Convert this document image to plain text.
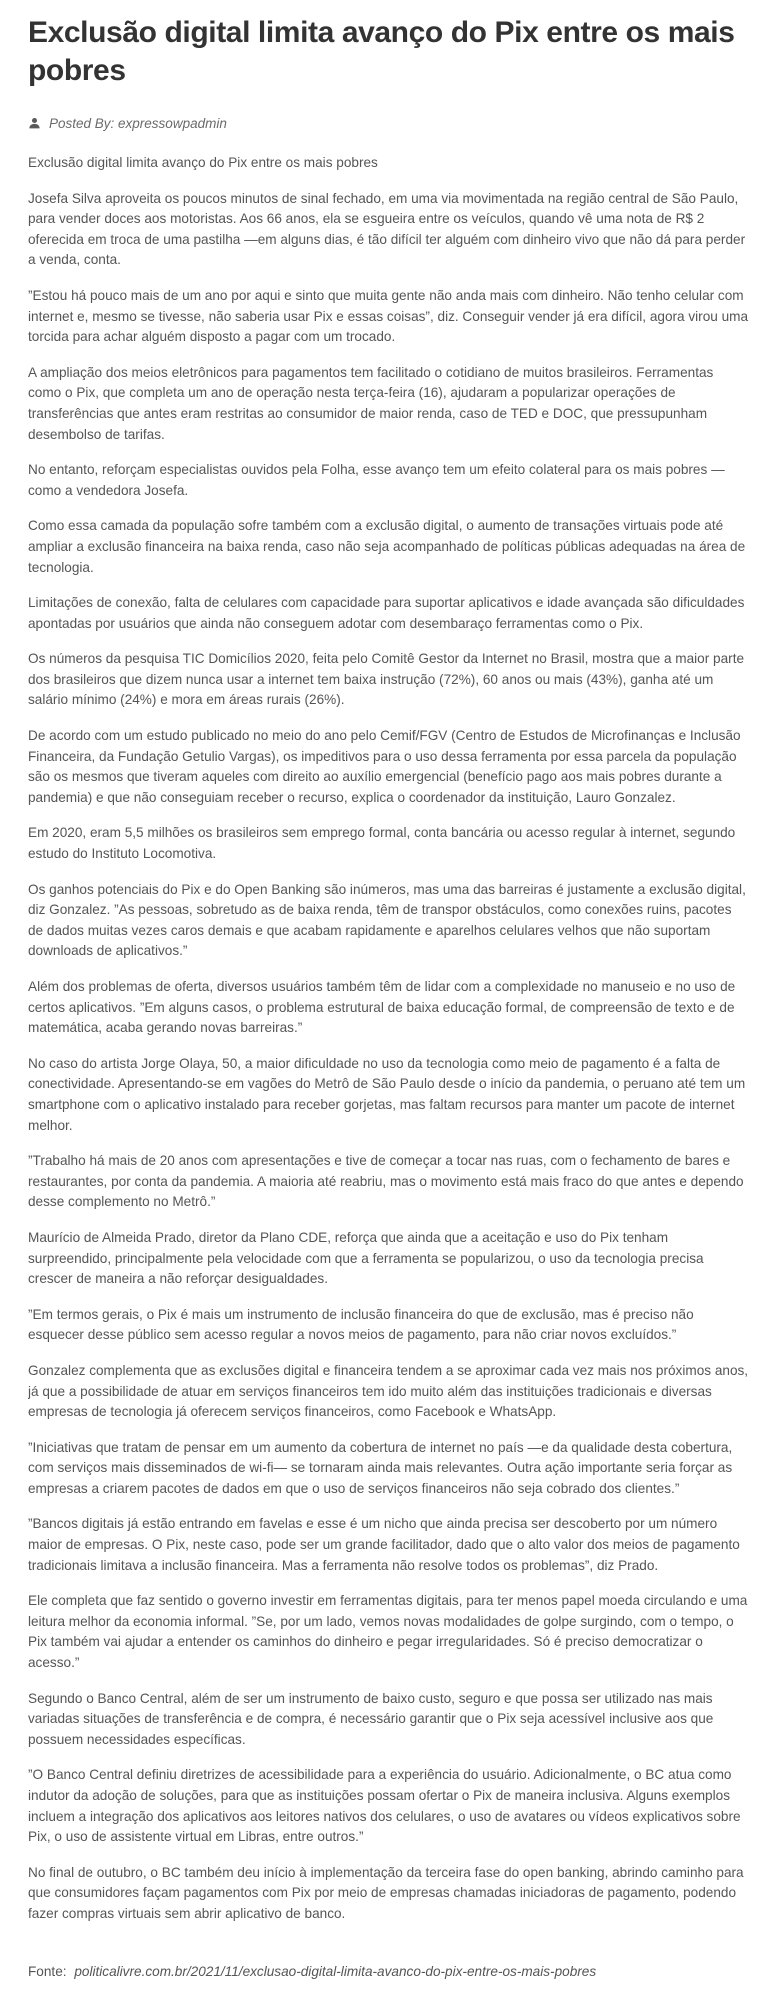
Exclusão digital limita avanço do Pix entre os mais pobres
Posted By: expressowpadmin

Exclusão digital limita avanço do Pix entre os mais pobres

Josefa Silva aproveita os poucos minutos de sinal fechado, em uma via movimentada na região central de São Paulo, para vender doces aos motoristas. Aos 66 anos, ela se esgueira entre os veículos, quando vê uma nota de R$ 2 oferecida em troca de uma pastilha —em alguns dias, é tão difícil ter alguém com dinheiro vivo que não dá para perder a venda, conta.

”Estou há pouco mais de um ano por aqui e sinto que muita gente não anda mais com dinheiro. Não tenho celular com internet e, mesmo se tivesse, não saberia usar Pix e essas coisas”, diz. Conseguir vender já era difícil, agora virou uma torcida para achar alguém disposto a pagar com um trocado.

A ampliação dos meios eletrônicos para pagamentos tem facilitado o cotidiano de muitos brasileiros. Ferramentas como o Pix, que completa um ano de operação nesta terça-feira (16), ajudaram a popularizar operações de transferências que antes eram restritas ao consumidor de maior renda, caso de TED e DOC, que pressupunham desembolso de tarifas.

No entanto, reforçam especialistas ouvidos pela Folha, esse avanço tem um efeito colateral para os mais pobres —como a vendedora Josefa.

Como essa camada da população sofre também com a exclusão digital, o aumento de transações virtuais pode até ampliar a exclusão financeira na baixa renda, caso não seja acompanhado de políticas públicas adequadas na área de tecnologia.

Limitações de conexão, falta de celulares com capacidade para suportar aplicativos e idade avançada são dificuldades apontadas por usuários que ainda não conseguem adotar com desembaraço ferramentas como o Pix.

Os números da pesquisa TIC Domicílios 2020, feita pelo Comitê Gestor da Internet no Brasil, mostra que a maior parte dos brasileiros que dizem nunca usar a internet tem baixa instrução (72%), 60 anos ou mais (43%), ganha até um salário mínimo (24%) e mora em áreas rurais (26%).

De acordo com um estudo publicado no meio do ano pelo Cemif/FGV (Centro de Estudos de Microfinanças e Inclusão Financeira, da Fundação Getulio Vargas), os impeditivos para o uso dessa ferramenta por essa parcela da população são os mesmos que tiveram aqueles com direito ao auxílio emergencial (benefício pago aos mais pobres durante a pandemia) e que não conseguiam receber o recurso, explica o coordenador da instituição, Lauro Gonzalez.

Em 2020, eram 5,5 milhões os brasileiros sem emprego formal, conta bancária ou acesso regular à internet, segundo estudo do Instituto Locomotiva.

Os ganhos potenciais do Pix e do Open Banking são inúmeros, mas uma das barreiras é justamente a exclusão digital, diz Gonzalez. ”As pessoas, sobretudo as de baixa renda, têm de transpor obstáculos, como conexões ruins, pacotes de dados muitas vezes caros demais e que acabam rapidamente e aparelhos celulares velhos que não suportam downloads de aplicativos.”

Além dos problemas de oferta, diversos usuários também têm de lidar com a complexidade no manuseio e no uso de certos aplicativos. ”Em alguns casos, o problema estrutural de baixa educação formal, de compreensão de texto e de matemática, acaba gerando novas barreiras.”

No caso do artista Jorge Olaya, 50, a maior dificuldade no uso da tecnologia como meio de pagamento é a falta de conectividade. Apresentando-se em vagões do Metrô de São Paulo desde o início da pandemia, o peruano até tem um smartphone com o aplicativo instalado para receber gorjetas, mas faltam recursos para manter um pacote de internet melhor.

”Trabalho há mais de 20 anos com apresentações e tive de começar a tocar nas ruas, com o fechamento de bares e restaurantes, por conta da pandemia. A maioria até reabriu, mas o movimento está mais fraco do que antes e dependo desse complemento no Metrô.”

Maurício de Almeida Prado, diretor da Plano CDE, reforça que ainda que a aceitação e uso do Pix tenham surpreendido, principalmente pela velocidade com que a ferramenta se popularizou, o uso da tecnologia precisa crescer de maneira a não reforçar desigualdades.

”Em termos gerais, o Pix é mais um instrumento de inclusão financeira do que de exclusão, mas é preciso não esquecer desse público sem acesso regular a novos meios de pagamento, para não criar novos excluídos.”

Gonzalez complementa que as exclusões digital e financeira tendem a se aproximar cada vez mais nos próximos anos, já que a possibilidade de atuar em serviços financeiros tem ido muito além das instituições tradicionais e diversas empresas de tecnologia já oferecem serviços financeiros, como Facebook e WhatsApp.

”Iniciativas que tratam de pensar em um aumento da cobertura de internet no país —e da qualidade desta cobertura, com serviços mais disseminados de wi-fi— se tornaram ainda mais relevantes. Outra ação importante seria forçar as empresas a criarem pacotes de dados em que o uso de serviços financeiros não seja cobrado dos clientes.”

”Bancos digitais já estão entrando em favelas e esse é um nicho que ainda precisa ser descoberto por um número maior de empresas. O Pix, neste caso, pode ser um grande facilitador, dado que o alto valor dos meios de pagamento tradicionais limitava a inclusão financeira. Mas a ferramenta não resolve todos os problemas”, diz Prado.

Ele completa que faz sentido o governo investir em ferramentas digitais, para ter menos papel moeda circulando e uma leitura melhor da economia informal. ”Se, por um lado, vemos novas modalidades de golpe surgindo, com o tempo, o Pix também vai ajudar a entender os caminhos do dinheiro e pegar irregularidades. Só é preciso democratizar o acesso.”

Segundo o Banco Central, além de ser um instrumento de baixo custo, seguro e que possa ser utilizado nas mais variadas situações de transferência e de compra, é necessário garantir que o Pix seja acessível inclusive aos que possuem necessidades específicas.

”O Banco Central definiu diretrizes de acessibilidade para a experiência do usuário. Adicionalmente, o BC atua como indutor da adoção de soluções, para que as instituições possam ofertar o Pix de maneira inclusiva. Alguns exemplos incluem a integração dos aplicativos aos leitores nativos dos celulares, o uso de avatares ou vídeos explicativos sobre Pix, o uso de assistente virtual em Libras, entre outros.”

No final de outubro, o BC também deu início à implementação da terceira fase do open banking, abrindo caminho para que consumidores façam pagamentos com Pix por meio de empresas chamadas iniciadoras de pagamento, podendo fazer compras virtuais sem abrir aplicativo de banco.

Fonte: politicalivre.com.br/2021/11/exclusao-digital-limita-avanco-do-pix-entre-os-mais-pobres
